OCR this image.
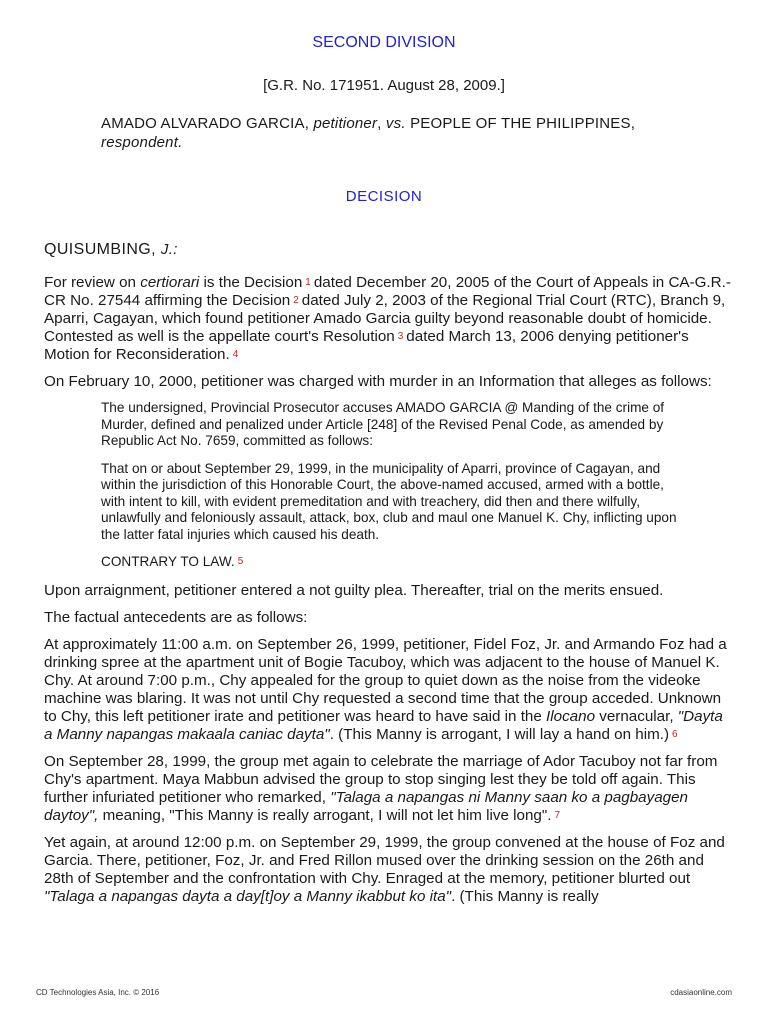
SECOND DIVISION
[G.R. No. 171951. August 28, 2009.]
AMADO ALVARADO GARCIA, petitioner, vs. PEOPLE OF THE PHILIPPINES,
respondent.
DECISION
QUISUMBING, J.:

For review on certiorari is the Decision 1 dated December 20, 2005 of the Court of Appeals in CA-G.R.-CR No. 27544 affirming the Decision 2 dated July 2, 2003 of the Regional Trial Court (RTC), Branch 9, Aparri, Cagayan, which found petitioner Amado Garcia guilty beyond reasonable doubt of homicide. Contested as well is the appellate court's Resolution 3 dated March 13, 2006 denying petitioner's Motion for Reconsideration. 4

On February 10, 2000, petitioner was charged with murder in an Information that alleges as follows:

The undersigned, Provincial Prosecutor accuses AMADO GARCIA @ Manding of the crime of Murder, defined and penalized under Article [248] of the Revised Penal Code, as amended by Republic Act No. 7659, committed as follows:

That on or about September 29, 1999, in the municipality of Aparri, province of Cagayan, and within the jurisdiction of this Honorable Court, the above-named accused, armed with a bottle, with intent to kill, with evident premeditation and with treachery, did then and there wilfully, unlawfully and feloniously assault, attack, box, club and maul one Manuel K. Chy, inflicting upon the latter fatal injuries which caused his death.

CONTRARY TO LAW. 5

Upon arraignment, petitioner entered a not guilty plea. Thereafter, trial on the merits ensued.

The factual antecedents are as follows:

At approximately 11:00 a.m. on September 26, 1999, petitioner, Fidel Foz, Jr. and Armando Foz had a drinking spree at the apartment unit of Bogie Tacuboy, which was adjacent to the house of Manuel K. Chy. At around 7:00 p.m., Chy appealed for the group to quiet down as the noise from the videoke machine was blaring. It was not until Chy requested a second time that the group acceded. Unknown to Chy, this left petitioner irate and petitioner was heard to have said in the Ilocano vernacular, "Dayta a Manny napangas makaala caniac dayta". (This Manny is arrogant, I will lay a hand on him.) 6

On September 28, 1999, the group met again to celebrate the marriage of Ador Tacuboy not far from Chy's apartment. Maya Mabbun advised the group to stop singing lest they be told off again. This further infuriated petitioner who remarked, "Talaga a napangas ni Manny saan ko a pagbayagen daytoy", meaning, "This Manny is really arrogant, I will not let him live long". 7

Yet again, at around 12:00 p.m. on September 29, 1999, the group convened at the house of Foz and Garcia. There, petitioner, Foz, Jr. and Fred Rillon mused over the drinking session on the 26th and 28th of September and the confrontation with Chy. Enraged at the memory, petitioner blurted out "Talaga a napangas dayta a day[t]oy a Manny ikabbut ko ita". (This Manny is really

CD Technologies Asia, Inc. © 2016	cdasiaonline.com
